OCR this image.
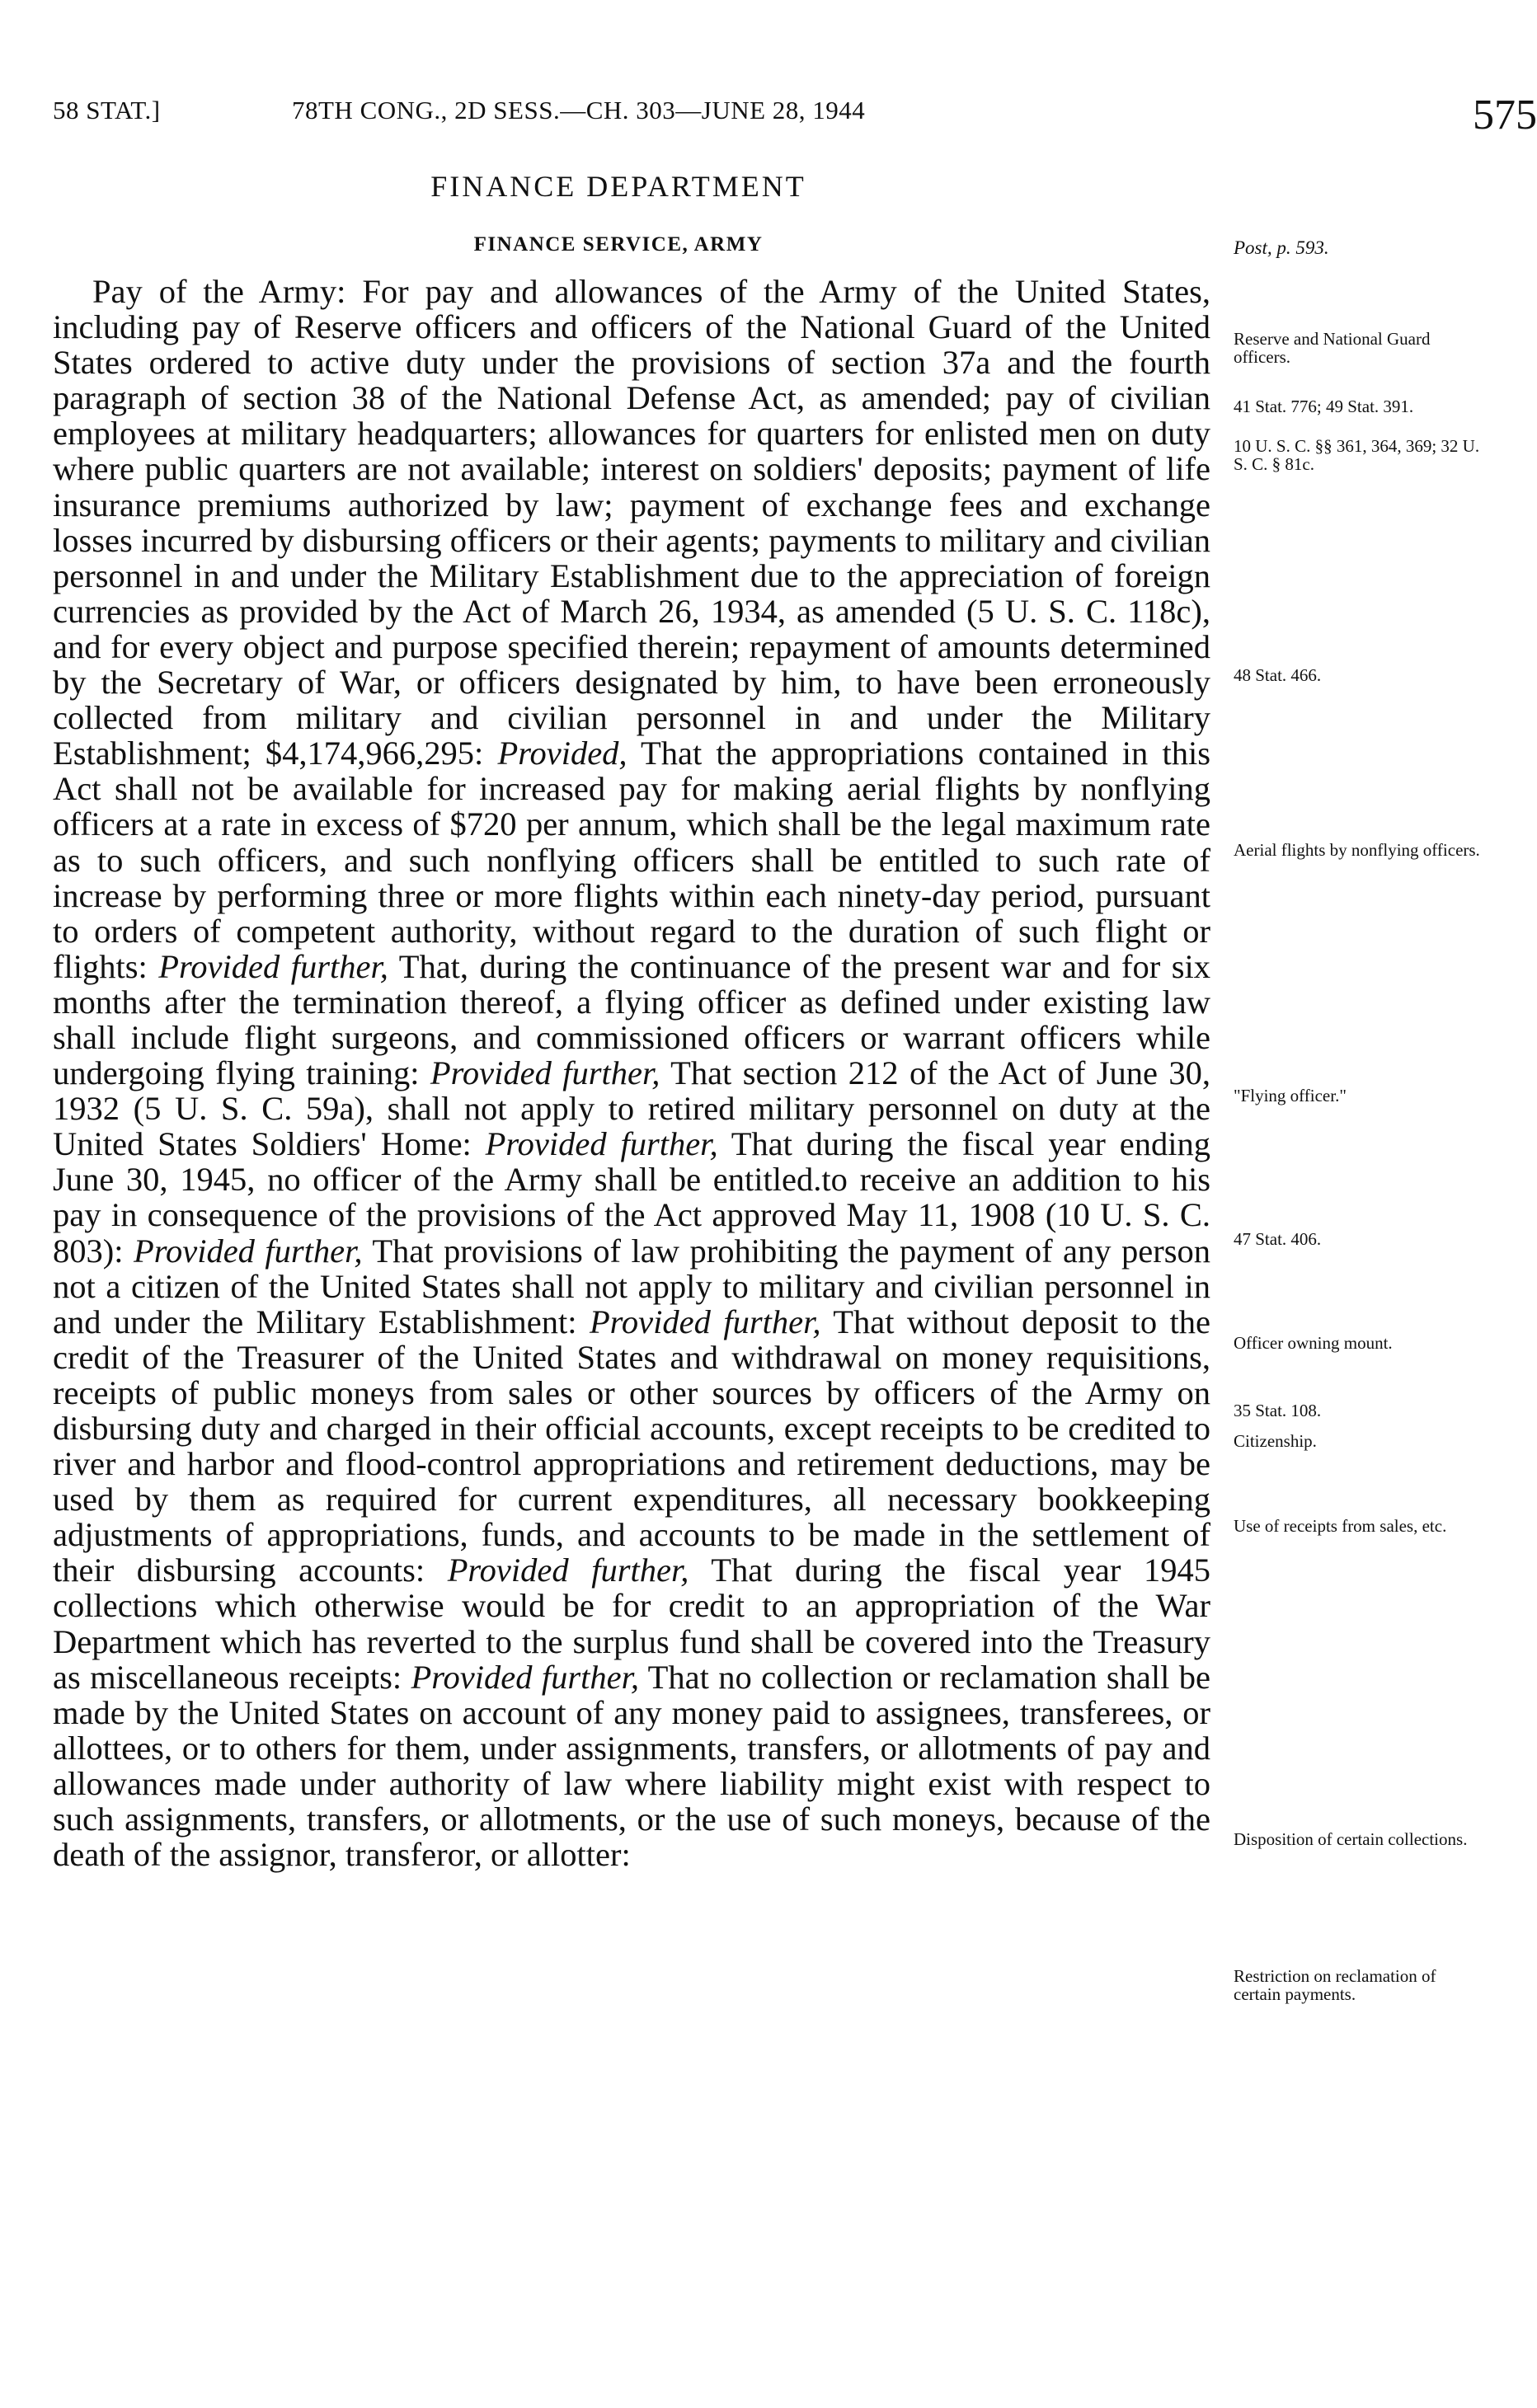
58 STAT.]	78TH CONG., 2D SESS.—CH. 303—JUNE 28, 1944	575
FINANCE DEPARTMENT
FINANCE SERVICE, ARMY

Pay of the Army: For pay and allowances of the Army of the United States, including pay of Reserve officers and officers of the National Guard of the United States ordered to active duty under the provisions of section 37a and the fourth paragraph of section 38 of the National Defense Act, as amended; pay of civilian employees at military headquarters; allowances for quarters for enlisted men on duty where public quarters are not available; interest on soldiers' deposits; payment of life insurance premiums authorized by law; payment of exchange fees and exchange losses incurred by disbursing officers or their agents; payments to military and civilian personnel in and under the Military Establishment due to the appreciation of foreign currencies as provided by the Act of March 26, 1934, as amended (5 U. S. C. 118c), and for every object and purpose specified therein; repayment of amounts determined by the Secretary of War, or officers designated by him, to have been erroneously collected from military and civilian personnel in and under the Military Establishment; $4,174,966,295: Provided, That the appropriations contained in this Act shall not be available for increased pay for making aerial flights by nonflying officers at a rate in excess of $720 per annum, which shall be the legal maximum rate as to such officers, and such nonflying officers shall be entitled to such rate of increase by performing three or more flights within each ninety-day period, pursuant to orders of competent authority, without regard to the duration of such flight or flights: Provided further, That, during the continuance of the present war and for six months after the termination thereof, a flying officer as defined under existing law shall include flight surgeons, and commissioned officers or warrant officers while undergoing flying training: Provided further, That section 212 of the Act of June 30, 1932 (5 U. S. C. 59a), shall not apply to retired military personnel on duty at the United States Soldiers' Home: Provided further, That during the fiscal year ending June 30, 1945, no officer of the Army shall be entitled.to receive an addition to his pay in consequence of the provisions of the Act approved May 11, 1908 (10 U. S. C. 803): Provided further, That provisions of law prohibiting the payment of any person not a citizen of the United States shall not apply to military and civilian personnel in and under the Military Establishment: Provided further, That without deposit to the credit of the Treasurer of the United States and withdrawal on money requisitions, receipts of public moneys from sales or other sources by officers of the Army on disbursing duty and charged in their official accounts, except receipts to be credited to river and harbor and flood-control appropriations and retirement deductions, may be used by them as required for current expenditures, all necessary bookkeeping adjustments of appropriations, funds, and accounts to be made in the settlement of their disbursing accounts: Provided further, That during the fiscal year 1945 collections which otherwise would be for credit to an appropriation of the War Department which has reverted to the surplus fund shall be covered into the Treasury as miscellaneous receipts: Provided further, That no collection or reclamation shall be made by the United States on account of any money paid to assignees, transferees, or allottees, or to others for them, under assignments, transfers, or allotments of pay and allowances made under authority of law where liability might exist with respect to such assignments, transfers, or allotments, or the use of such moneys, because of the death of the assignor, transferor, or allotter:

Post, p. 593.
Reserve and National Guard officers.
41 Stat. 776; 49 Stat. 391.
10 U. S. C. §§ 361, 364, 369; 32 U. S. C. § 81c.
48 Stat. 466.
Aerial flights by nonflying officers.
"Flying officer."
47 Stat. 406.
Officer owning mount.
35 Stat. 108.
Citizenship.
Use of receipts from sales, etc.
Disposition of certain collections.
Restriction on reclamation of certain payments.
